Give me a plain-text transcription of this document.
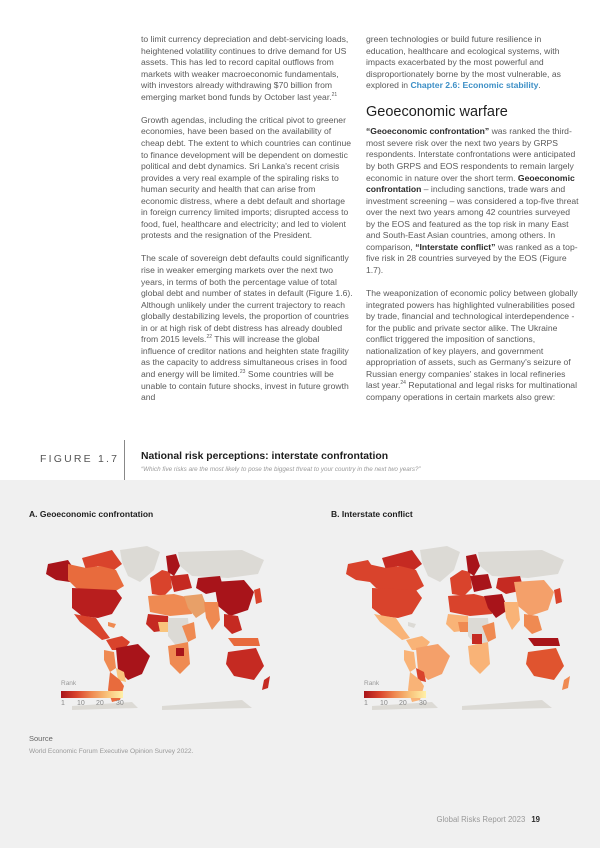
to limit currency depreciation and debt-servicing loads, heightened volatility continues to drive demand for US assets. This has led to record capital outflows from markets with weaker macroeconomic fundamentals, with investors already withdrawing $70 billion from emerging market bond funds by October last year.$^{21}$

Growth agendas, including the critical pivot to greener economies, have been based on the availability of cheap debt. The extent to which countries can continue to finance development will be dependent on domestic political and debt dynamics. Sri Lanka's recent crisis provides a very real example of the spiraling risks to human security and health that can arise from economic distress, where a debt default and shortage in foreign currency limited imports; disrupted access to food, fuel, healthcare and electricity; and led to violent protests and the resignation of the President.

The scale of sovereign debt defaults could significantly rise in weaker emerging markets over the next two years, in terms of both the percentage value of total global debt and number of states in default (Figure 1.6). Although unlikely under the current trajectory to reach globally destabilizing levels, the proportion of countries in or at high risk of debt distress has already doubled from 2015 levels.$^{22}$ This will increase the global influence of creditor nations and heighten state fragility as the capacity to address simultaneous crises in food and energy will be limited.$^{23}$ Some countries will be unable to contain future shocks, invest in future growth and

green technologies or build future resilience in education, healthcare and ecological systems, with impacts exacerbated by the most powerful and disproportionately borne by the most vulnerable, as explored in Chapter 2.6: Economic stability.

Geoeconomic warfare

“Geoeconomic confrontation” was ranked the third-most severe risk over the next two years by GRPS respondents. Interstate confrontations were anticipated by both GRPS and EOS respondents to remain largely economic in nature over the short term. Geoeconomic confrontation – including sanctions, trade wars and investment screening – was considered a top-five threat over the next two years among 42 countries surveyed by the EOS and featured as the top risk in many East and South-East Asian countries, among others. In comparison, “Interstate conflict” was ranked as a top-five risk in 28 countries surveyed by the EOS (Figure 1.7).

The weaponization of economic policy between globally integrated powers has highlighted vulnerabilities posed by trade, financial and technological interdependence - for the public and private sector alike. The Ukraine conflict triggered the imposition of sanctions, nationalization of key players, and government appropriation of assets, such as Germany's seizure of Russian energy companies' stakes in local refineries last year.$^{24}$ Reputational and legal risks for multinational company operations in certain markets also grew:

FIGURE 1.7 National risk perceptions: interstate confrontation
“Which five risks are the most likely to pose the biggest threat to your country in the next two years?”
A. Geoeconomic confrontation	B. Interstate conflict
Rank
1 10 20 30
Rank
1 10 20 30
Source
World Economic Forum Executive Opinion Survey 2022.
Global Risks Report 2023 19
